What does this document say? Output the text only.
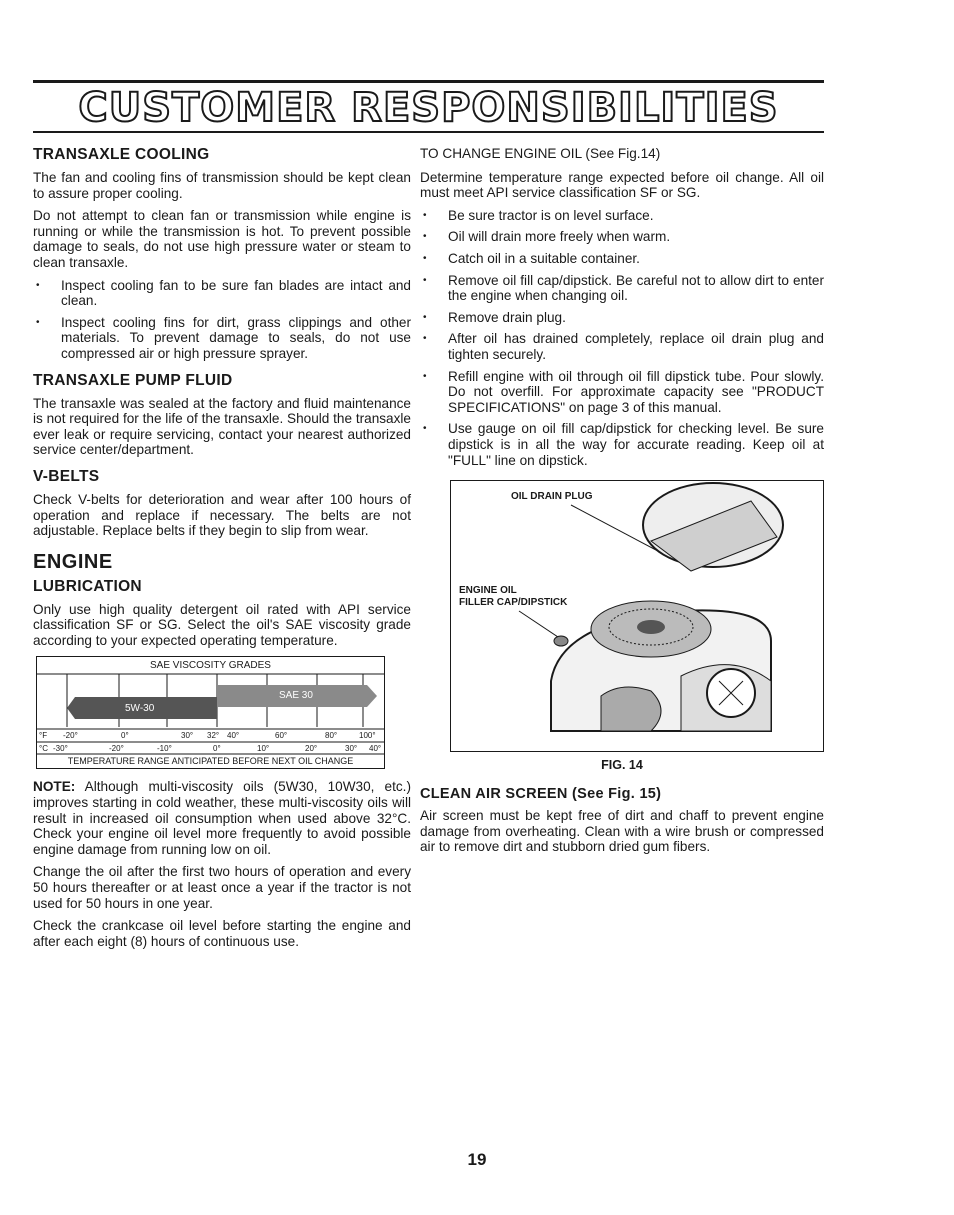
CUSTOMER RESPONSIBILITIES
TRANSAXLE COOLING

The fan and cooling fins of transmission should be kept clean to assure proper cooling.

Do not attempt to clean fan or transmission while engine is running or while the transmission is hot. To prevent possible damage to seals, do not use high pressure water or steam to clean transaxle.

• Inspect cooling fan to be sure fan blades are intact and clean.
• Inspect cooling fins for dirt, grass clippings and other materials. To prevent damage to seals, do not use compressed air or high pressure sprayer.
TRANSAXLE PUMP FLUID

The transaxle was sealed at the factory and fluid maintenance is not required for the life of the transaxle. Should the transaxle ever leak or require servicing, contact your nearest authorized service center/department.

V-BELTS

Check V-belts for deterioration and wear after 100 hours of operation and replace if necessary. The belts are not adjustable. Replace belts if they begin to slip from wear.

ENGINE
LUBRICATION

Only use high quality detergent oil rated with API service classification SF or SG. Select the oil's SAE viscosity grade according to your expected operating temperature.

SAE VISCOSITY GRADES
5W-30
SAE 30
°F -20°	0°	30° 32° 40°	60°	80°	100°
°C -30°	-20°	-10°	0°	10°	20°	30° 40°
TEMPERATURE RANGE ANTICIPATED BEFORE NEXT OIL CHANGE

NOTE: Although multi-viscosity oils (5W30, 10W30, etc.) improves starting in cold weather, these multi-viscosity oils will result in increased oil consumption when used above 32°C. Check your engine oil level more frequently to avoid possible engine damage from running low on oil.

Change the oil after the first two hours of operation and every 50 hours thereafter or at least once a year if the tractor is not used for 50 hours in one year.

Check the crankcase oil level before starting the engine and after each eight (8) hours of continuous use.

TO CHANGE ENGINE OIL (See Fig.14)

Determine temperature range expected before oil change. All oil must meet API service classification SF or SG.

• Be sure tractor is on level surface.
• Oil will drain more freely when warm.
• Catch oil in a suitable container.
• Remove oil fill cap/dipstick. Be careful not to allow dirt to enter the engine when changing oil.
• Remove drain plug.
• After oil has drained completely, replace oil drain plug and tighten securely.
• Refill engine with oil through oil fill dipstick tube. Pour slowly. Do not overfill. For approximate capacity see "PRODUCT SPECIFICATIONS" on page 3 of this manual.
• Use gauge on oil fill cap/dipstick for checking level. Be sure dipstick is in all the way for accurate reading. Keep oil at "FULL" line on dipstick.
OIL DRAIN PLUG
ENGINE OIL
FILLER CAP/DIPSTICK
FIG. 14
CLEAN AIR SCREEN (See Fig. 15)

Air screen must be kept free of dirt and chaff to prevent engine damage from overheating. Clean with a wire brush or compressed air to remove dirt and stubborn dried gum fibers.

19
